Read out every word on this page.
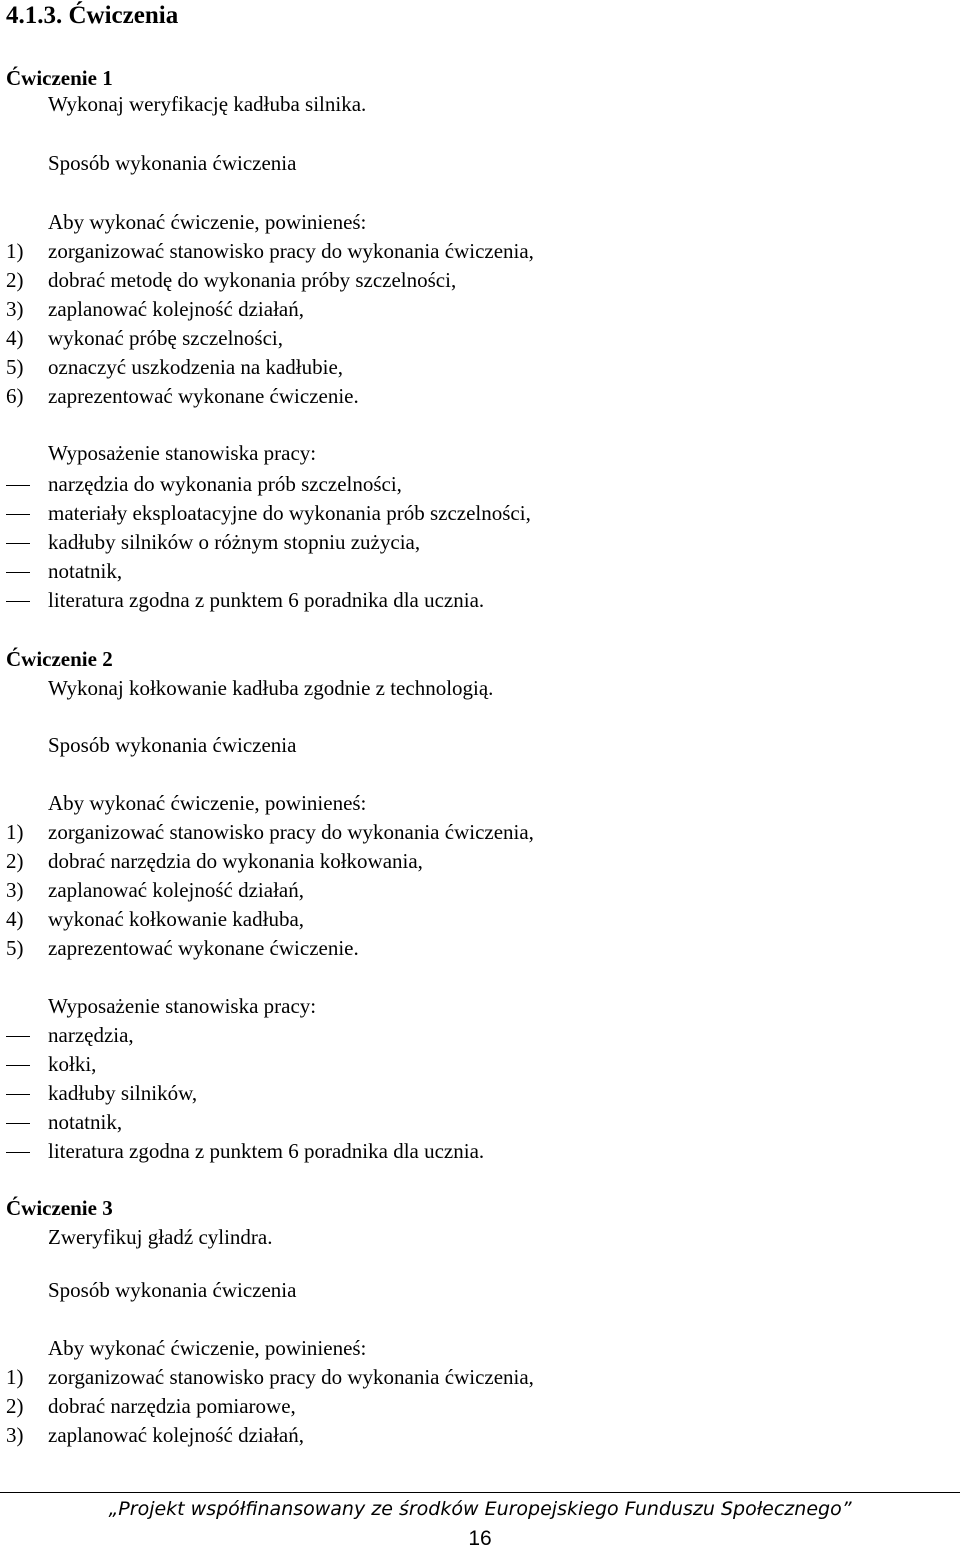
4.1.3. Ćwiczenia
Ćwiczenie 1
Wykonaj weryfikację kadłuba silnika.
Sposób wykonania ćwiczenia
Aby wykonać ćwiczenie, powinieneś:
1) zorganizować stanowisko pracy do wykonania ćwiczenia,
2) dobrać metodę do wykonania próby szczelności,
3) zaplanować kolejność działań,
4) wykonać próbę szczelności,
5) oznaczyć uszkodzenia na kadłubie,
6) zaprezentować wykonane ćwiczenie.
Wyposażenie stanowiska pracy:
narzędzia do wykonania prób szczelności,
materiały eksploatacyjne do wykonania prób szczelności,
kadłuby silników o różnym stopniu zużycia,
notatnik,
literatura zgodna z punktem 6 poradnika dla ucznia.
Ćwiczenie 2
Wykonaj kołkowanie kadłuba zgodnie z technologią.
Sposób wykonania ćwiczenia
Aby wykonać ćwiczenie, powinieneś:
1) zorganizować stanowisko pracy do wykonania ćwiczenia,
2) dobrać narzędzia do wykonania kołkowania,
3) zaplanować kolejność działań,
4) wykonać kołkowanie kadłuba,
5) zaprezentować wykonane ćwiczenie.
Wyposażenie stanowiska pracy:
narzędzia,
kołki,
kadłuby silników,
notatnik,
literatura zgodna z punktem 6 poradnika dla ucznia.
Ćwiczenie 3
Zweryfikuj gładź cylindra.
Sposób wykonania ćwiczenia
Aby wykonać ćwiczenie, powinieneś:
1) zorganizować stanowisko pracy do wykonania ćwiczenia,
2) dobrać narzędzia pomiarowe,
3) zaplanować kolejność działań,
„Projekt współfinansowany ze środków Europejskiego Funduszu Społecznego”
16
